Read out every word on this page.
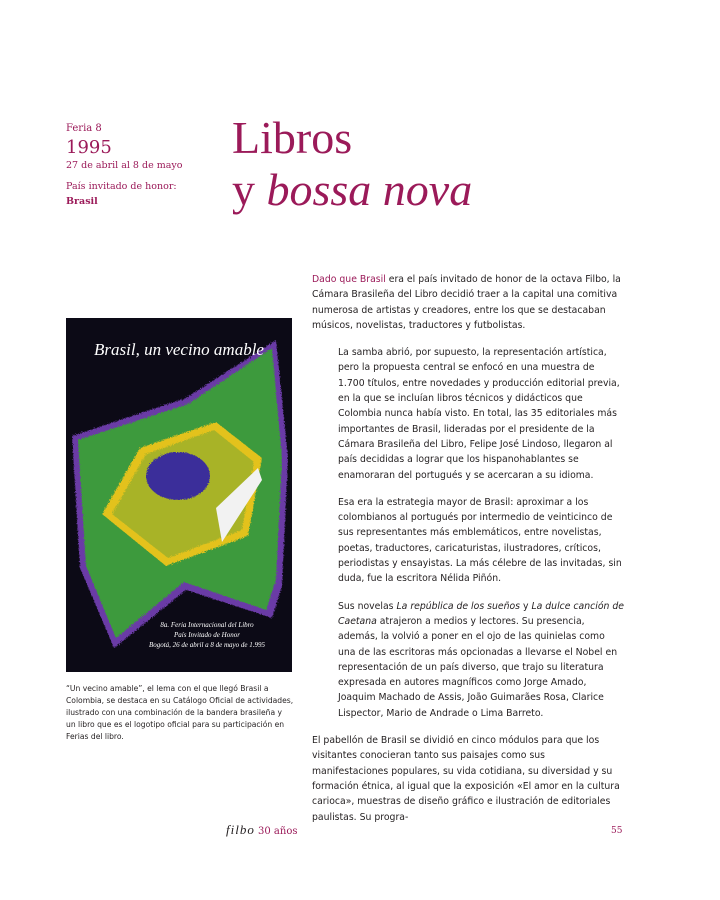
Feria 8

1995

27 de abril al 8 de mayo

País invitado de honor:

Brasil

Libros
y bossa nova
Brasil, un vecino amable
8a. Feria Internacional del Libro
País Invitado de Honor
Bogotá, 26 de abril a 8 de mayo de 1.995
“Un vecino amable”, el lema con el que llegó Brasil a Colombia, se destaca en su Catálogo Oficial de actividades, ilustrado con una combinación de la bandera brasileña y un libro que es el logotipo oficial para su participación en Ferias del libro.

Dado que Brasil era el país invitado de honor de la octava Filbo, la Cámara Brasileña del Libro decidió traer a la capital una comitiva numerosa de artistas y creadores, entre los que se destacaban músicos, novelistas, traductores y futbolistas.

La samba abrió, por supuesto, la representación artística, pero la propuesta central se enfocó en una muestra de 1.700 títulos, entre novedades y producción editorial previa, en la que se incluían libros técnicos y didácticos que Colombia nunca había visto. En total, las 35 editoriales más importantes de Brasil, lideradas por el presidente de la Cámara Brasileña del Libro, Felipe José Lindoso, llegaron al país decididas a lograr que los hispanohablantes se enamoraran del portugués y se acercaran a su idioma.

Esa era la estrategia mayor de Brasil: aproximar a los colombianos al portugués por intermedio de veinticinco de sus representantes más emblemáticos, entre novelistas, poetas, traductores, caricaturistas, ilustradores, críticos, periodistas y ensayistas. La más célebre de las invitadas, sin duda, fue la escritora Nélida Piñón.

Sus novelas La república de los sueños y La dulce canción de Caetana atrajeron a medios y lectores. Su presencia, además, la volvió a poner en el ojo de las quinielas como una de las escritoras más opcionadas a llevarse el Nobel en representación de un país diverso, que trajo su literatura expresada en autores magníficos como Jorge Amado, Joaquim Machado de Assis, João Guimarães Rosa, Clarice Lispector, Mario de Andrade o Lima Barreto.

El pabellón de Brasil se dividió en cinco módulos para que los visitantes conocieran tanto sus paisajes como sus manifestaciones populares, su vida cotidiana, su diversidad y su formación étnica, al igual que la exposición «El amor en la cultura carioca», muestras de diseño gráfico e ilustración de editoriales paulistas. Su progra-

filbo 30 años	55
